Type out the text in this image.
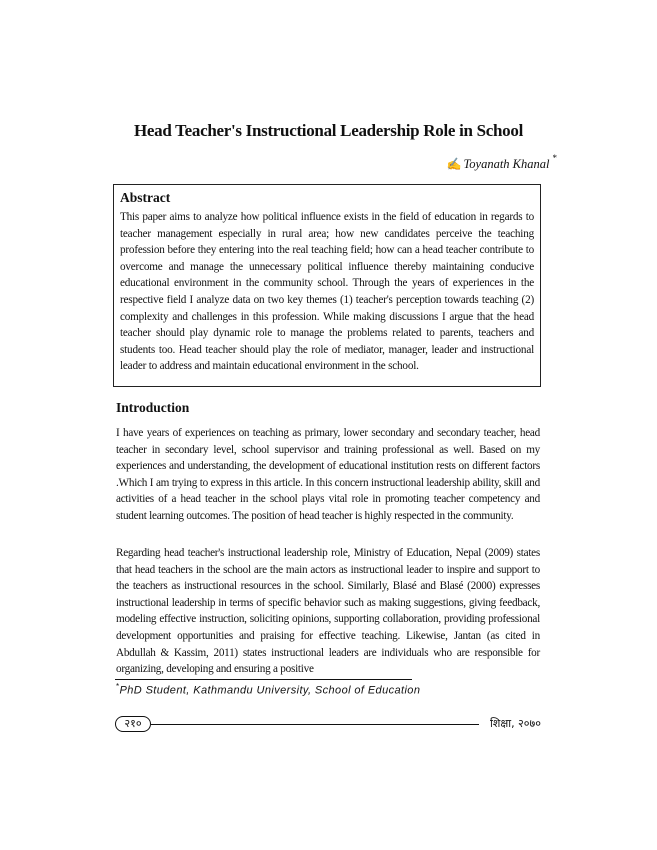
Head Teacher's Instructional Leadership Role in School
✍ Toyanath Khanal *
Abstract

This paper aims to analyze how political influence exists in the field of education in regards to teacher management especially in rural area; how new candidates perceive the teaching profession before they entering into the real teaching field; how can a head teacher contribute to overcome and manage the unnecessary political influence thereby maintaining conducive educational environment in the community school. Through the years of experiences in the respective field I analyze data on two key themes (1) teacher's perception towards teaching (2) complexity and challenges in this profession. While making discussions I argue that the head teacher should play dynamic role to manage the problems related to parents, teachers and students too. Head teacher should play the role of mediator, manager, leader and instructional leader to address and maintain educational environment in the school.

Introduction

I have years of experiences on teaching as primary, lower secondary and secondary teacher, head teacher in secondary level, school supervisor and training professional as well. Based on my experiences and understanding, the development of educational institution rests on different factors .Which I am trying to express in this article. In this concern instructional leadership ability, skill and activities of a head teacher in the school plays vital role in promoting teacher competency and student learning outcomes. The position of head teacher is highly respected in the community.

Regarding head teacher's instructional leadership role, Ministry of Education, Nepal (2009) states that head teachers in the school are the main actors as instructional leader to inspire and support to the teachers as instructional resources in the school. Similarly, Blasé and Blasé (2000) expresses instructional leadership in terms of specific behavior such as making suggestions, giving feedback, modeling effective instruction, soliciting opinions, supporting collaboration, providing professional development opportunities and praising for effective teaching. Likewise, Jantan (as cited in Abdullah & Kassim, 2011) states instructional leaders are individuals who are responsible for organizing, developing and ensuring a positive

*PhD Student, Kathmandu University, School of Education
२१०	शिक्षा, २०७०
